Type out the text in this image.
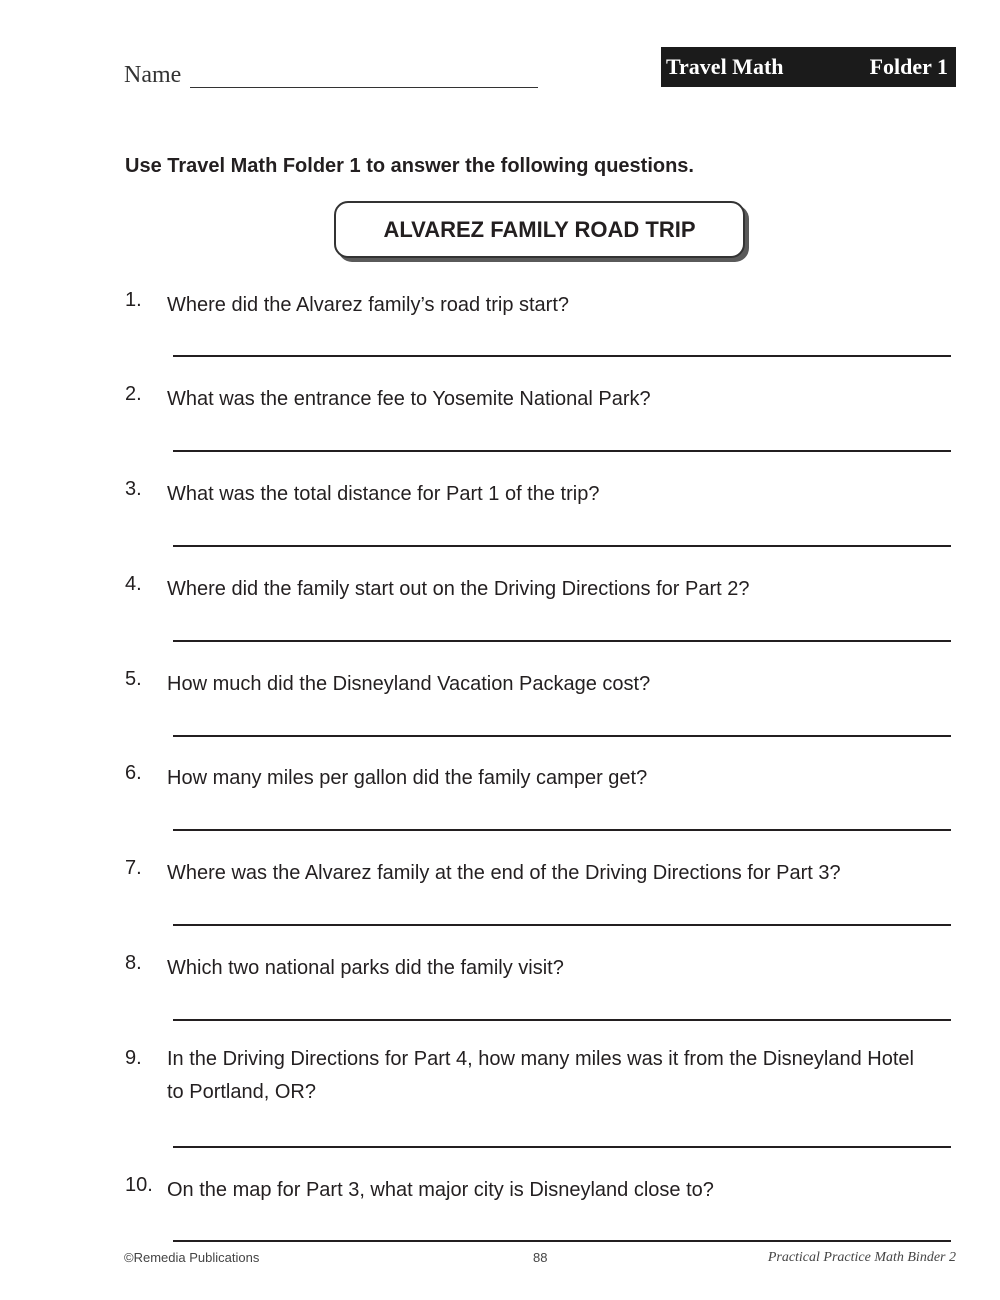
Name	Travel Math	Folder 1
Use Travel Math Folder 1 to answer the following questions.
ALVAREZ FAMILY ROAD TRIP
1. Where did the Alvarez family’s road trip start?
2. What was the entrance fee to Yosemite National Park?
3. What was the total distance for Part 1 of the trip?
4. Where did the family start out on the Driving Directions for Part 2?
5. How much did the Disneyland Vacation Package cost?
6. How many miles per gallon did the family camper get?
7. Where was the Alvarez family at the end of the Driving Directions for Part 3?
8. Which two national parks did the family visit?
9. In the Driving Directions for Part 4, how many miles was it from the Disneyland Hotel to Portland, OR?
10. On the map for Part 3, what major city is Disneyland close to?
©Remedia Publications	88	Practical Practice Math Binder 2
